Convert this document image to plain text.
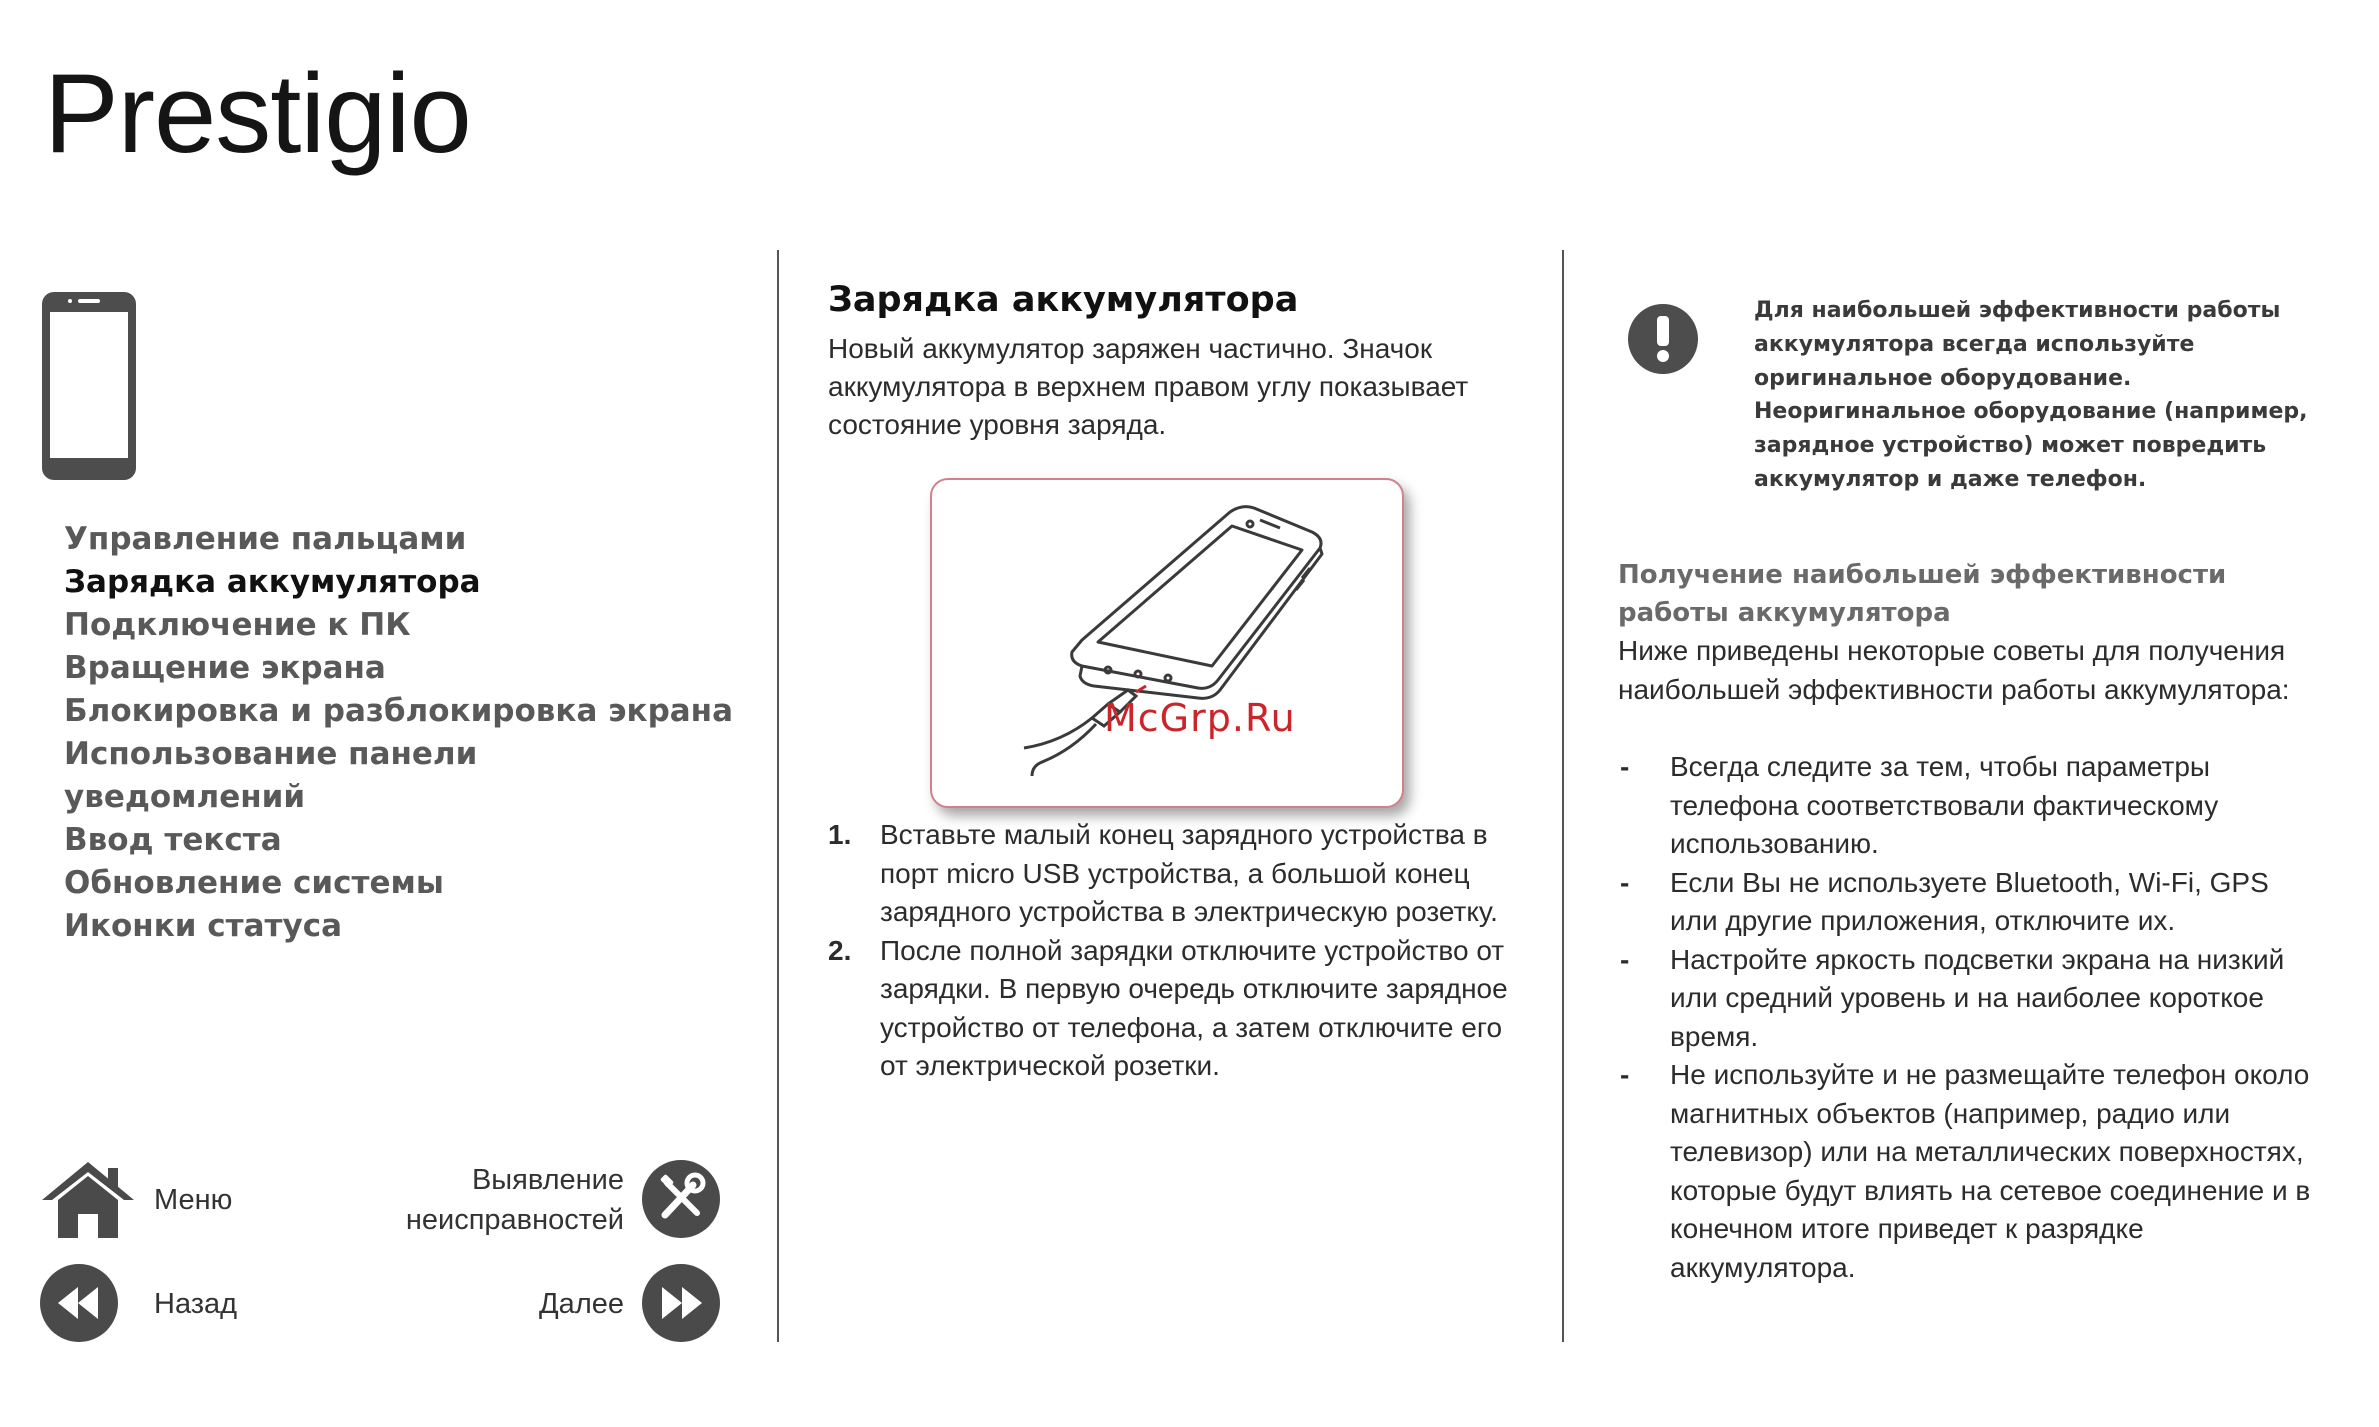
Prestigio
Управление пальцами
Зарядка аккумулятора
Подключение к ПК
Вращение экрана
Блокировка и разблокировка экрана
Использование панели
уведомлений
Ввод текста
Обновление системы
Иконки статуса
Меню
Выявление
неисправностей
Назад	Далее
Зарядка аккумулятора

Новый аккумулятор заряжен частично. Значок аккумулятора в верхнем правом углу показывает состояние уровня заряда.

McGrp.Ru
1. Вставьте малый конец зарядного устройства в порт micro USB устройства, а большой конец зарядного устройства в электрическую розетку.
2. После полной зарядки отключите устройство от зарядки. В первую очередь отключите зарядное устройство от телефона, а затем отключите его от электрической розетки.

Для наибольшей эффективности работы аккумулятора всегда используйте оригинальное оборудование. Неоригинальное оборудование (например, зарядное устройство) может повредить аккумулятор и даже телефон.

Получение наибольшей эффективности работы аккумулятора

Ниже приведены некоторые советы для получения наибольшей эффективности работы аккумулятора:

- Всегда следите за тем, чтобы параметры телефона соответствовали фактическому использованию.
- Если Вы не используете Bluetooth, Wi-Fi, GPS или другие приложения, отключите их.
- Настройте яркость подсветки экрана на низкий или средний уровень и на наиболее короткое время.
- Не используйте и не размещайте телефон около магнитных объектов (например, радио или телевизор) или на металлических поверхностях, которые будут влиять на сетевое соединение и в конечном итоге приведет к разрядке аккумулятора.
